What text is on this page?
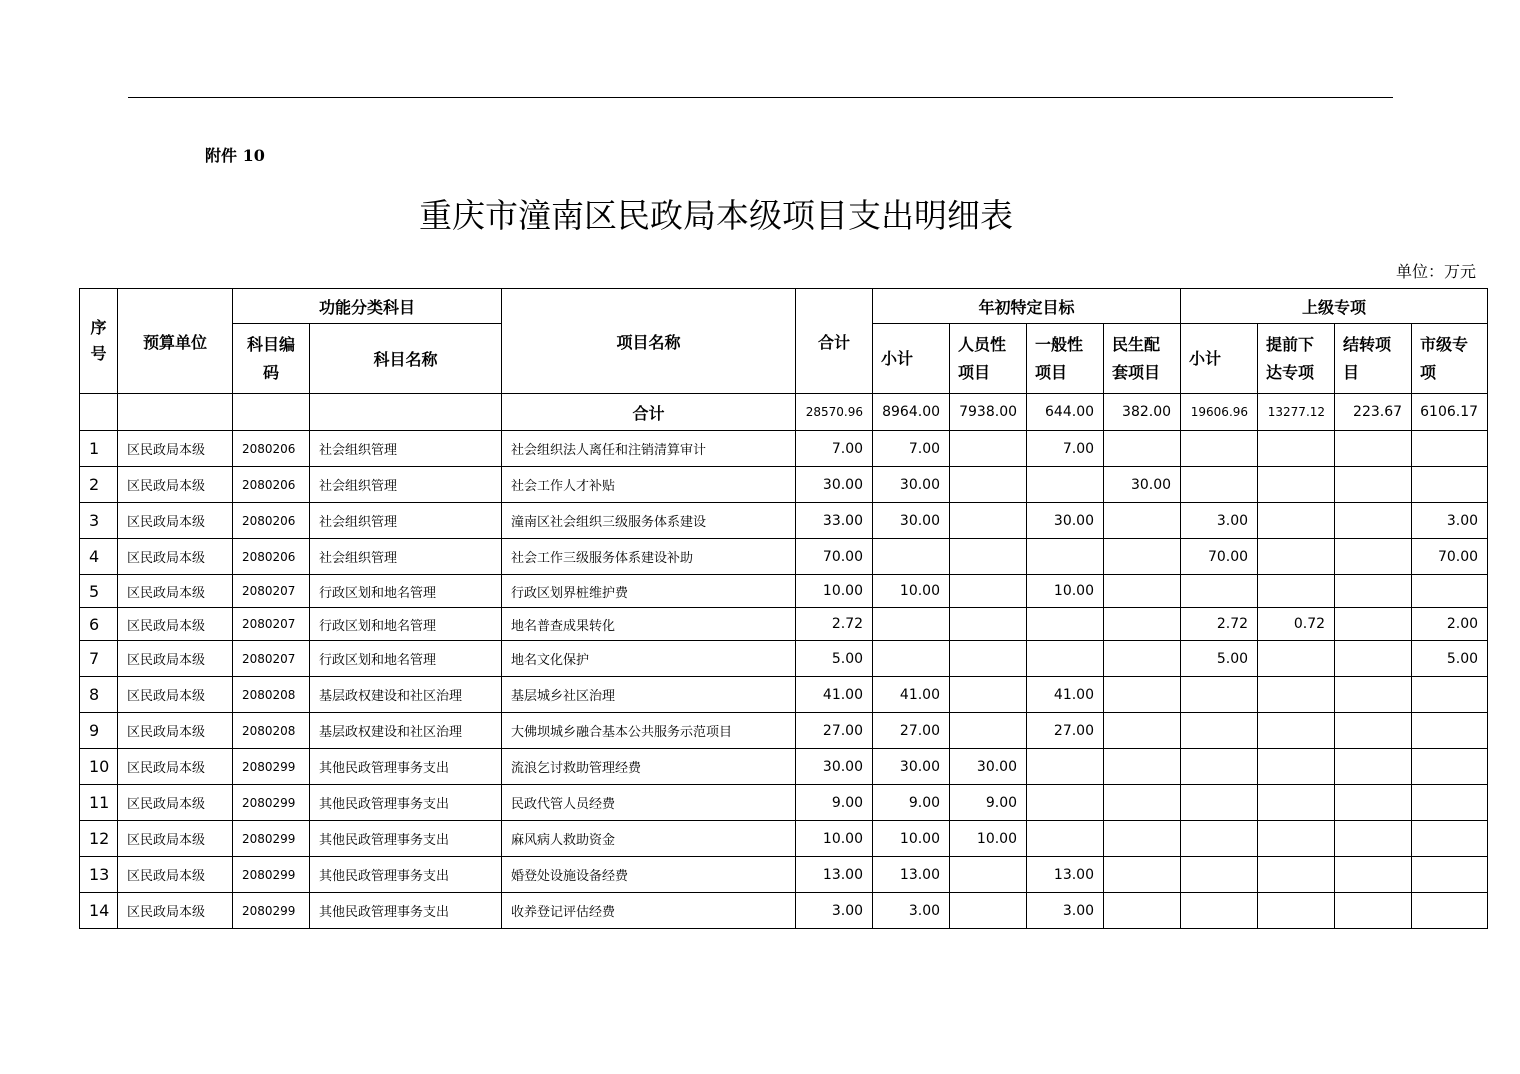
附件 10
重庆市潼南区民政局本级项目支出明细表
单位：万元
序号	预算单位	功能分类科目		项目名称	合计	年初特定目标				上级专项			
		科目编码	科目名称			小计	人员性项目	一般性项目	民生配套项目	小计	提前下达专项	结转项目	市级专项
				合计	28570.96	8964.00	7938.00	644.00	382.00	19606.96	13277.12	223.67	6106.17
1	区民政局本级	2080206	社会组织管理	社会组织法人离任和注销清算审计	7.00	7.00		7.00					
2	区民政局本级	2080206	社会组织管理	社会工作人才补贴	30.00	30.00			30.00				
3	区民政局本级	2080206	社会组织管理	潼南区社会组织三级服务体系建设	33.00	30.00		30.00		3.00			3.00
4	区民政局本级	2080206	社会组织管理	社会工作三级服务体系建设补助	70.00					70.00			70.00
5	区民政局本级	2080207	行政区划和地名管理	行政区划界桩维护费	10.00	10.00		10.00					
6	区民政局本级	2080207	行政区划和地名管理	地名普查成果转化	2.72					2.72	0.72		2.00
7	区民政局本级	2080207	行政区划和地名管理	地名文化保护	5.00					5.00			5.00
8	区民政局本级	2080208	基层政权建设和社区治理	基层城乡社区治理	41.00	41.00		41.00					
9	区民政局本级	2080208	基层政权建设和社区治理	大佛坝城乡融合基本公共服务示范项目	27.00	27.00		27.00					
10	区民政局本级	2080299	其他民政管理事务支出	流浪乞讨救助管理经费	30.00	30.00	30.00						
11	区民政局本级	2080299	其他民政管理事务支出	民政代管人员经费	9.00	9.00	9.00						
12	区民政局本级	2080299	其他民政管理事务支出	麻风病人救助资金	10.00	10.00	10.00						
13	区民政局本级	2080299	其他民政管理事务支出	婚登处设施设备经费	13.00	13.00		13.00					
14	区民政局本级	2080299	其他民政管理事务支出	收养登记评估经费	3.00	3.00		3.00					
